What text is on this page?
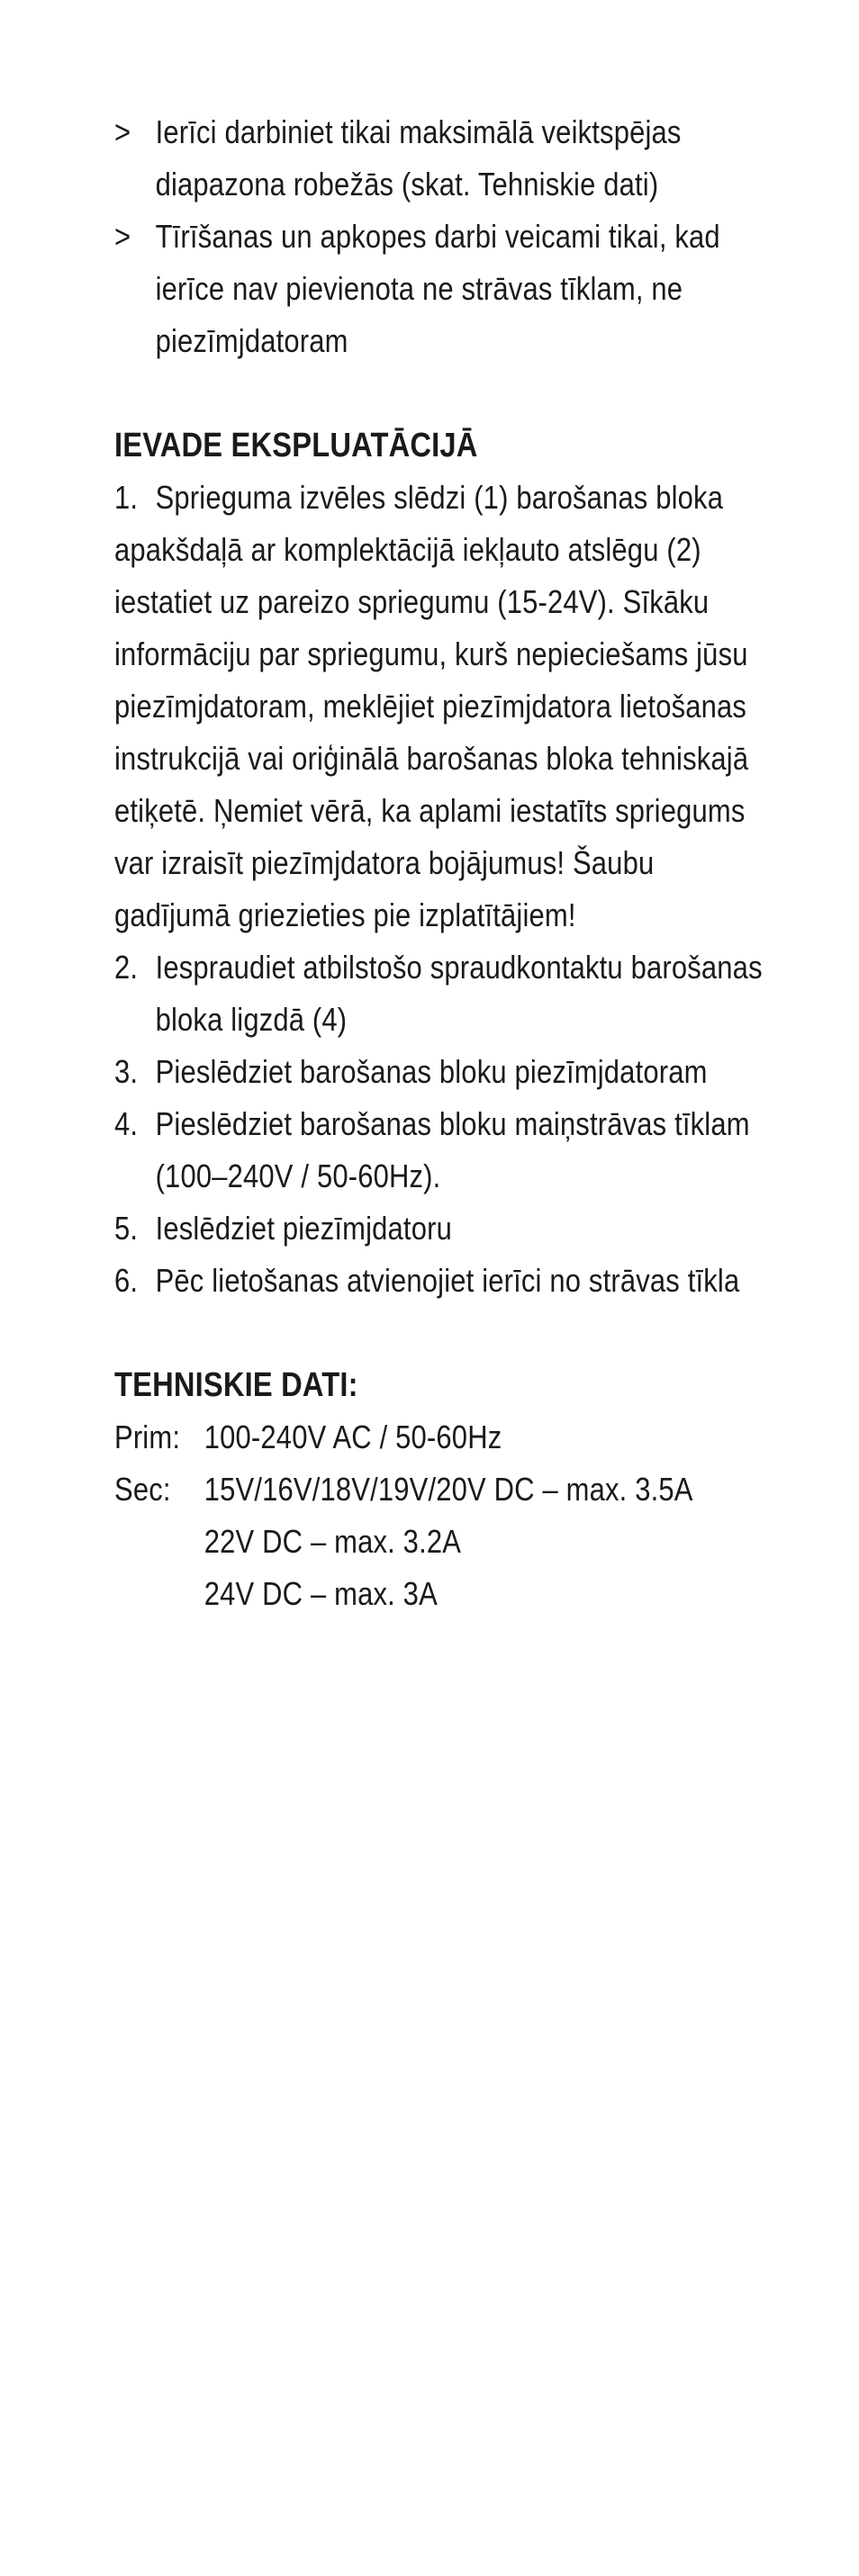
> Ierīci darbiniet tikai maksimālā veiktspējas diapazona robežās (skat. Tehniskie dati)
> Tīrīšanas un apkopes darbi veicami tikai, kad ierīce nav pievienota ne strāvas tīklam, ne piezīmjdatoram
IEVADE EKSPLUATĀCIJĀ

1. Sprieguma izvēles slēdzi (1) barošanas bloka apakšdaļā ar komplektācijā iekļauto atslēgu (2) iestatiet uz pareizo spriegumu (15-24V). Sīkāku informāciju par spriegumu, kurš nepieciešams jūsu piezīmjdatoram, meklējiet piezīmjdatora lietošanas instrukcijā vai oriģinālā barošanas bloka tehniskajā etiķetē. Ņemiet vērā, ka aplami iestatīts spriegums var izraisīt piezīmjdatora bojājumus! Šaubu gadījumā griezieties pie izplatītājiem!

2. Iespraudiet atbilstošo spraudkontaktu barošanas bloka ligzdā (4)
3. Pieslēdziet barošanas bloku piezīmjdatoram
4. Pieslēdziet barošanas bloku maiņstrāvas tīklam (100–240V / 50-60Hz).
5. Ieslēdziet piezīmjdatoru
6. Pēc lietošanas atvienojiet ierīci no strāvas tīkla
TEHNISKIE DATI:
Prim: 100-240V AC / 50-60Hz
Sec:	15V/16V/18V/19V/20V DC – max. 3.5A
22V DC – max. 3.2A
24V DC – max. 3A
